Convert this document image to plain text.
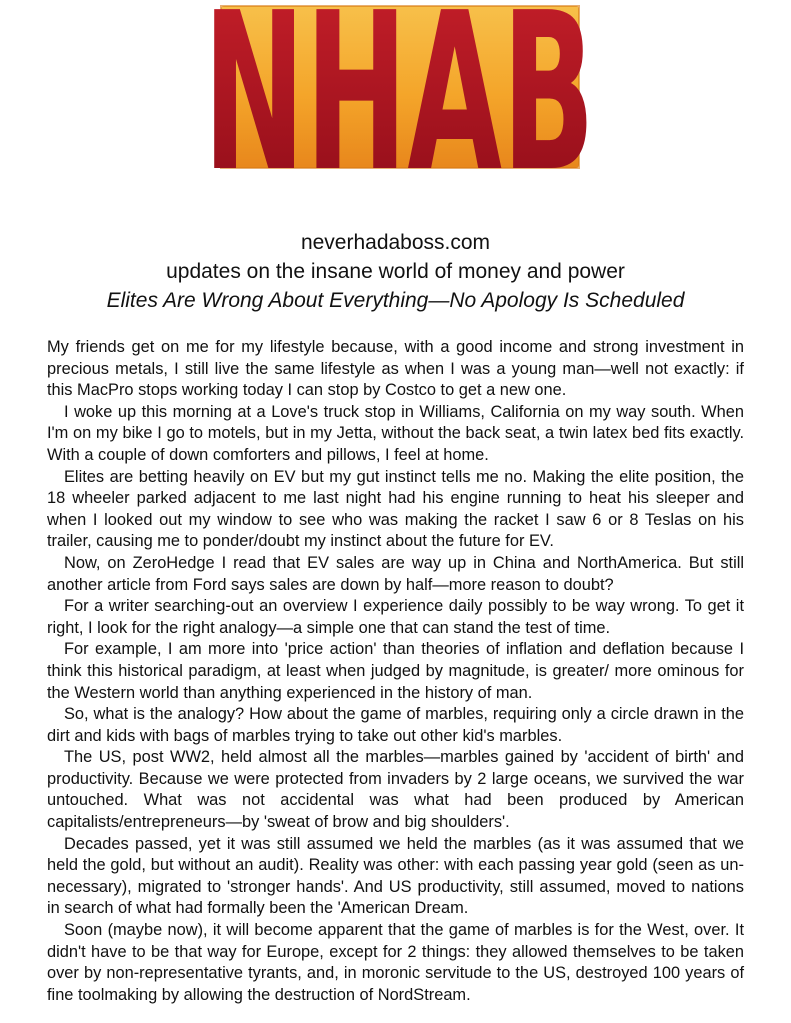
NHAB
neverhadaboss.com
updates on the insane world of money and power
Elites Are Wrong About Everything—No Apology Is Scheduled

My friends get on me for my lifestyle because, with a good income and strong investment in precious metals, I still live the same lifestyle as when I was a young man—well not exactly: if this MacPro stops working today I can stop by Costco to get a new one.

I woke up this morning at a Love's truck stop in Williams, California on my way south. When I'm on my bike I go to motels, but in my Jetta, without the back seat, a twin latex bed fits exactly. With a couple of down comforters and pillows, I feel at home.

Elites are betting heavily on EV but my gut instinct tells me no. Making the elite position, the 18 wheeler parked adjacent to me last night had his engine running to heat his sleeper and when I looked out my window to see who was making the racket I saw 6 or 8 Teslas on his trailer, causing me to ponder/doubt my instinct about the future for EV.

Now, on ZeroHedge I read that EV sales are way up in China and NorthAmerica. But still another article from Ford says sales are down by half—more reason to doubt?

For a writer searching-out an overview I experience daily possibly to be way wrong. To get it right, I look for the right analogy—a simple one that can stand the test of time.

For example, I am more into 'price action' than theories of inflation and deflation because I think this historical paradigm, at least when judged by magnitude, is greater/ more ominous for the Western world than anything experienced in the history of man.

So, what is the analogy? How about the game of marbles, requiring only a circle drawn in the dirt and kids with bags of marbles trying to take out other kid's marbles.

The US, post WW2, held almost all the marbles—marbles gained by 'accident of birth' and productivity. Because we were protected from invaders by 2 large oceans, we survived the war untouched. What was not accidental was what had been produced by American capitalists/entrepreneurs—by 'sweat of brow and big shoulders'.

Decades passed, yet it was still assumed we held the marbles (as it was assumed that we held the gold, but without an audit). Reality was other: with each passing year gold (seen as un-necessary), migrated to 'stronger hands'. And US productivity, still assumed, moved to nations in search of what had formally been the 'American Dream.

Soon (maybe now), it will become apparent that the game of marbles is for the West, over. It didn't have to be that way for Europe, except for 2 things: they allowed themselves to be taken over by non-representative tyrants, and, in moronic servitude to the US, destroyed 100 years of fine toolmaking by allowing the destruction of NordStream.
